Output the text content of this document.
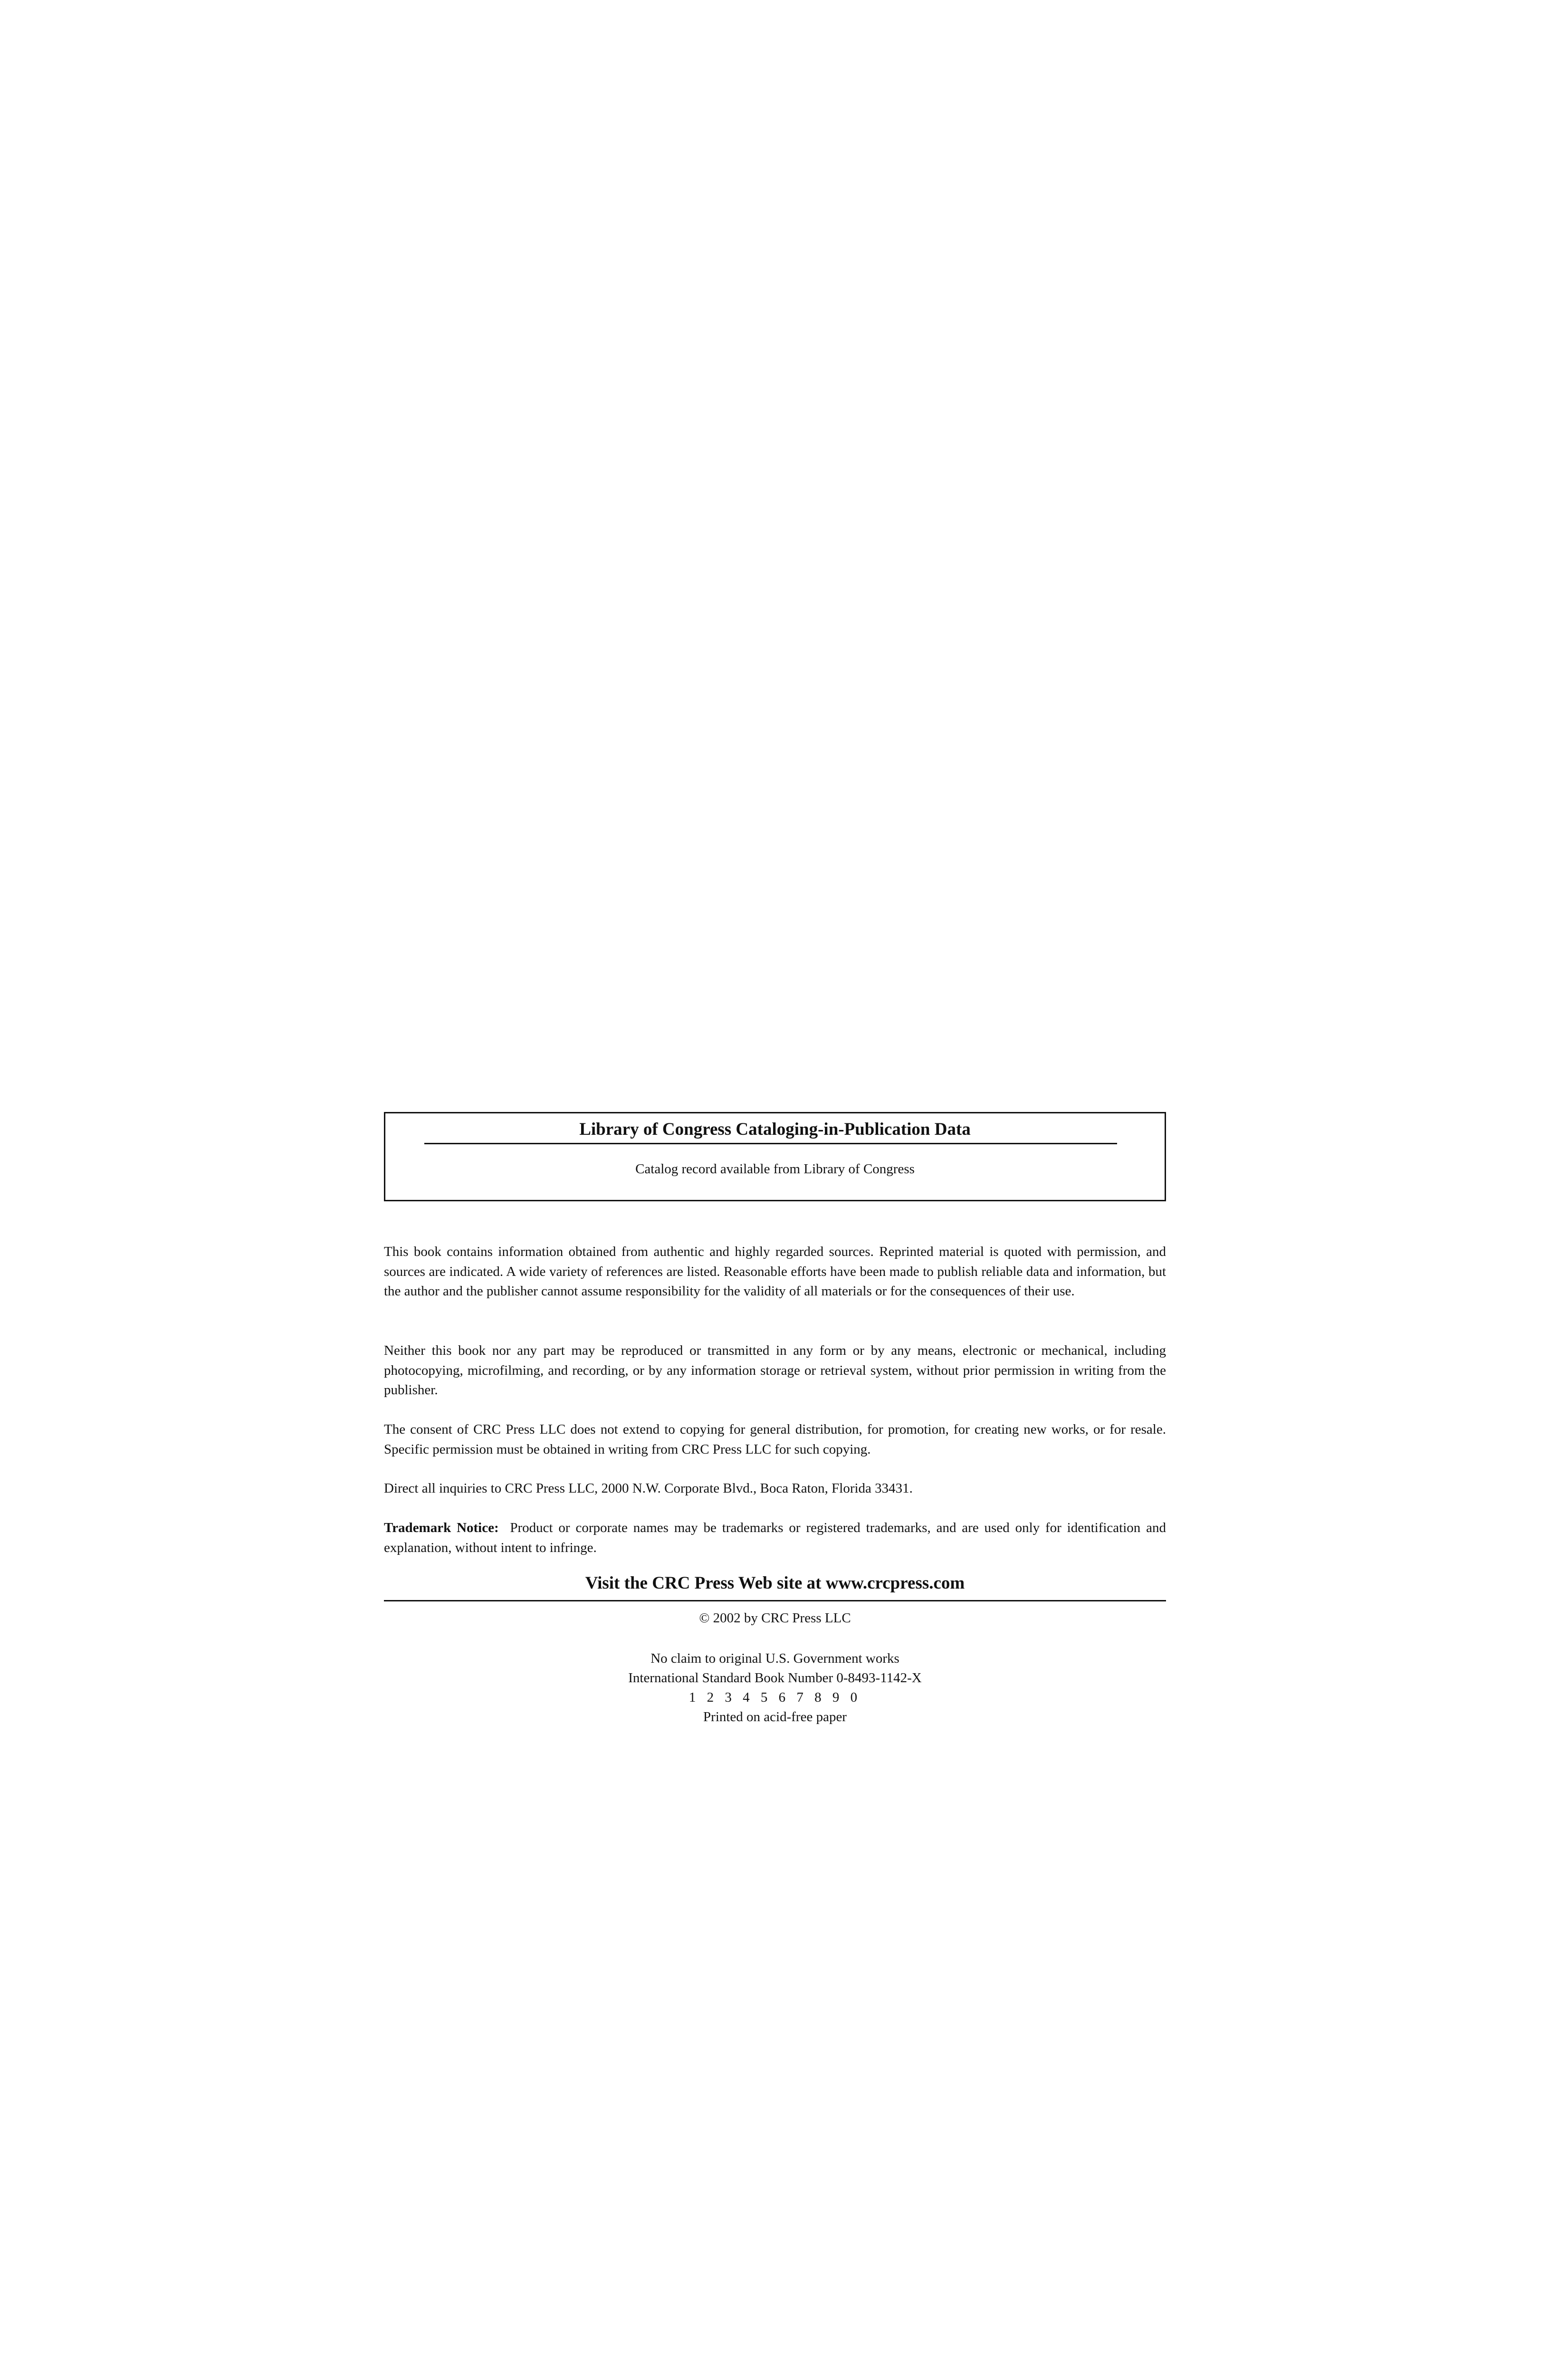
Library of Congress Cataloging-in-Publication Data
Catalog record available from Library of Congress

This book contains information obtained from authentic and highly regarded sources. Reprinted material is quoted with permission, and sources are indicated. A wide variety of references are listed. Reasonable efforts have been made to publish reliable data and information, but the author and the publisher cannot assume responsibility for the validity of all materials or for the consequences of their use.

Neither this book nor any part may be reproduced or transmitted in any form or by any means, electronic or mechanical, including photocopying, microfilming, and recording, or by any information storage or retrieval system, without prior permission in writing from the publisher.

The consent of CRC Press LLC does not extend to copying for general distribution, for promotion, for creating new works, or for resale. Specific permission must be obtained in writing from CRC Press LLC for such copying.

Direct all inquiries to CRC Press LLC, 2000 N.W. Corporate Blvd., Boca Raton, Florida 33431.

Trademark Notice: Product or corporate names may be trademarks or registered trademarks, and are used only for identification and explanation, without intent to infringe.

Visit the CRC Press Web site at www.crcpress.com
© 2002 by CRC Press LLC
No claim to original U.S. Government works
International Standard Book Number 0-8493-1142-X
1 2 3 4 5 6 7 8 9 0
Printed on acid-free paper
